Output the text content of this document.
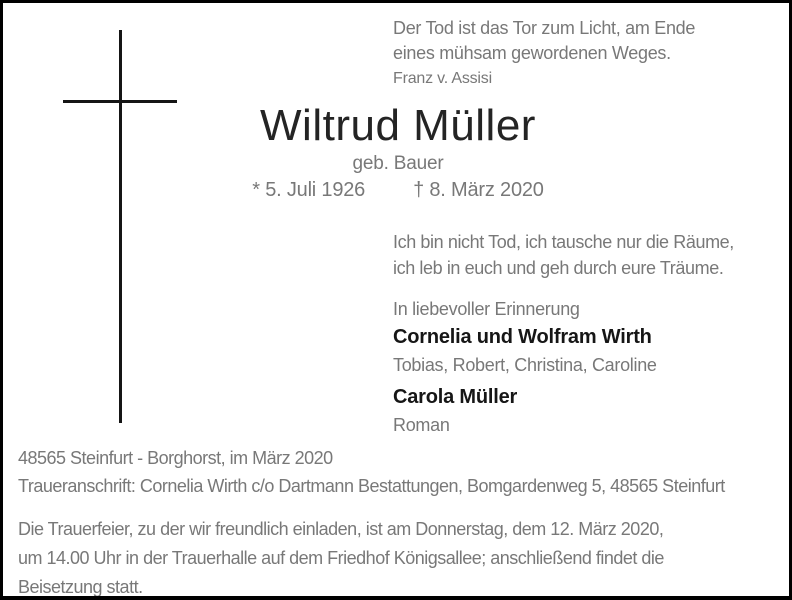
Der Tod ist das Tor zum Licht, am Ende
eines mühsam gewordenen Weges.
Franz v. Assisi
Wiltrud Müller
geb. Bauer
* 5. Juli 1926 † 8. März 2020
Ich bin nicht Tod, ich tausche nur die Räume,
ich leb in euch und geh durch eure Träume.
In liebevoller Erinnerung
Cornelia und Wolfram Wirth
Tobias, Robert, Christina, Caroline
Carola Müller
Roman
48565 Steinfurt - Borghorst, im März 2020
Traueranschrift: Cornelia Wirth c/o Dartmann Bestattungen, Bomgardenweg 5, 48565 Steinfurt
Die Trauerfeier, zu der wir freundlich einladen, ist am Donnerstag, dem 12. März 2020,
um 14.00 Uhr in der Trauerhalle auf dem Friedhof Königsallee; anschließend findet die
Beisetzung statt.
